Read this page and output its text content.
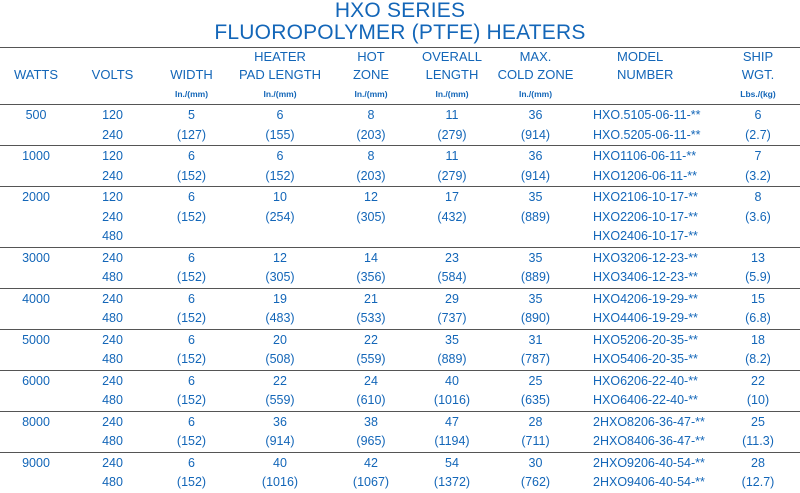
HXO SERIES
FLUOROPOLYMER (PTFE) HEATERS
			HEATER	HOT	OVERALL	MAX.	MODEL	SHIP
WATTS	VOLTS	WIDTH	PAD LENGTH	ZONE	LENGTH	COLD ZONE	NUMBER	WGT.
		In./(mm)	In./(mm)	In./(mm)	In./(mm)	In./(mm)		Lbs./(kg)
500	120	5	6	8	11	36	HXO.5105-06-11-**	6
	240	(127)	(155)	(203)	(279)	(914)	HXO.5205-06-11-**	(2.7)
1000	120	6	6	8	11	36	HXO1106-06-11-**	7
	240	(152)	(152)	(203)	(279)	(914)	HXO1206-06-11-**	(3.2)
2000	120	6	10	12	17	35	HXO2106-10-17-**	8
	240	(152)	(254)	(305)	(432)	(889)	HXO2206-10-17-**	(3.6)
	480						HXO2406-10-17-**	
3000	240	6	12	14	23	35	HXO3206-12-23-**	13
	480	(152)	(305)	(356)	(584)	(889)	HXO3406-12-23-**	(5.9)
4000	240	6	19	21	29	35	HXO4206-19-29-**	15
	480	(152)	(483)	(533)	(737)	(890)	HXO4406-19-29-**	(6.8)
5000	240	6	20	22	35	31	HXO5206-20-35-**	18
	480	(152)	(508)	(559)	(889)	(787)	HXO5406-20-35-**	(8.2)
6000	240	6	22	24	40	25	HXO6206-22-40-**	22
	480	(152)	(559)	(610)	(1016)	(635)	HXO6406-22-40-**	(10)
8000	240	6	36	38	47	28	2HXO8206-36-47-**	25
	480	(152)	(914)	(965)	(1194)	(711)	2HXO8406-36-47-**	(11.3)
9000	240	6	40	42	54	30	2HXO9206-40-54-**	28
	480	(152)	(1016)	(1067)	(1372)	(762)	2HXO9406-40-54-**	(12.7)
